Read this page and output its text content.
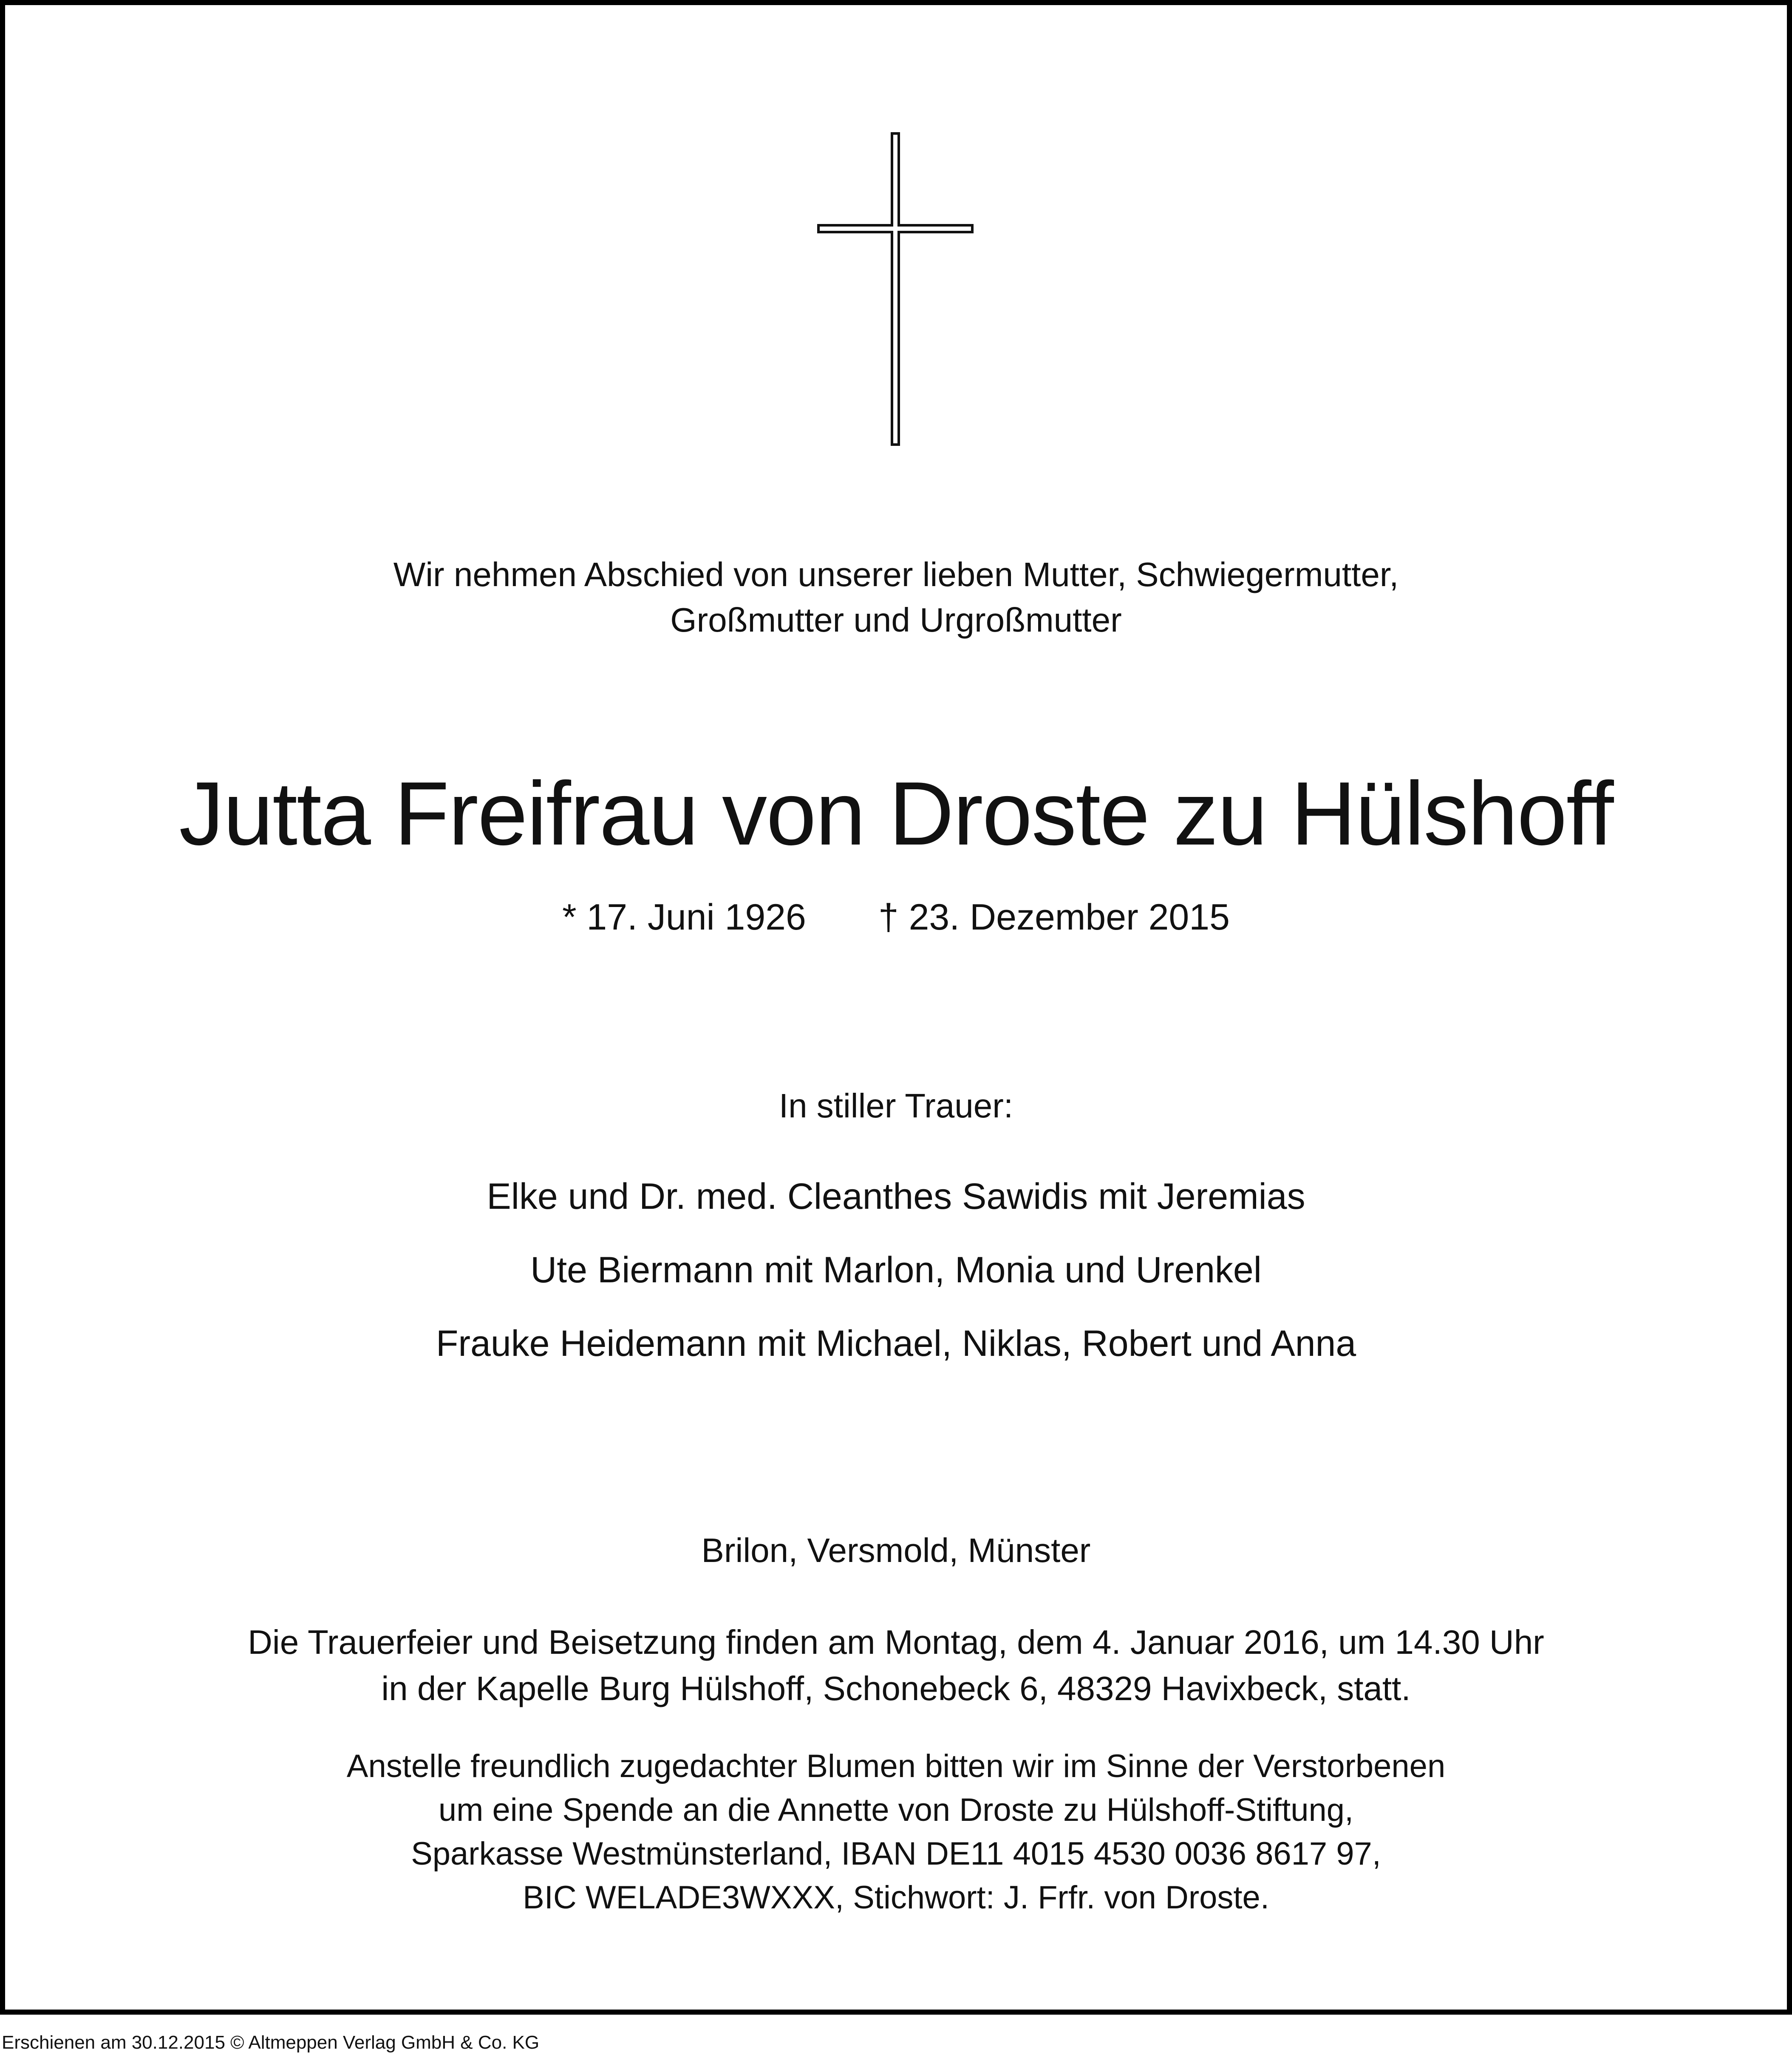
Wir nehmen Abschied von unserer lieben Mutter, Schwiegermutter,
Großmutter und Urgroßmutter
Jutta Freifrau von Droste zu Hülshoff
* 17. Juni 1926 † 23. Dezember 2015
In stiller Trauer:
Elke und Dr. med. Cleanthes Sawidis mit Jeremias
Ute Biermann mit Marlon, Monia und Urenkel
Frauke Heidemann mit Michael, Niklas, Robert und Anna
Brilon, Versmold, Münster
Die Trauerfeier und Beisetzung finden am Montag, dem 4. Januar 2016, um 14.30 Uhr
in der Kapelle Burg Hülshoff, Schonebeck 6, 48329 Havixbeck, statt.
Anstelle freundlich zugedachter Blumen bitten wir im Sinne der Verstorbenen
um eine Spende an die Annette von Droste zu Hülshoff-Stiftung,
Sparkasse Westmünsterland, IBAN DE11 4015 4530 0036 8617 97,
BIC WELADE3WXXX, Stichwort: J. Frfr. von Droste.
Erschienen am 30.12.2015 © Altmeppen Verlag GmbH & Co. KG
